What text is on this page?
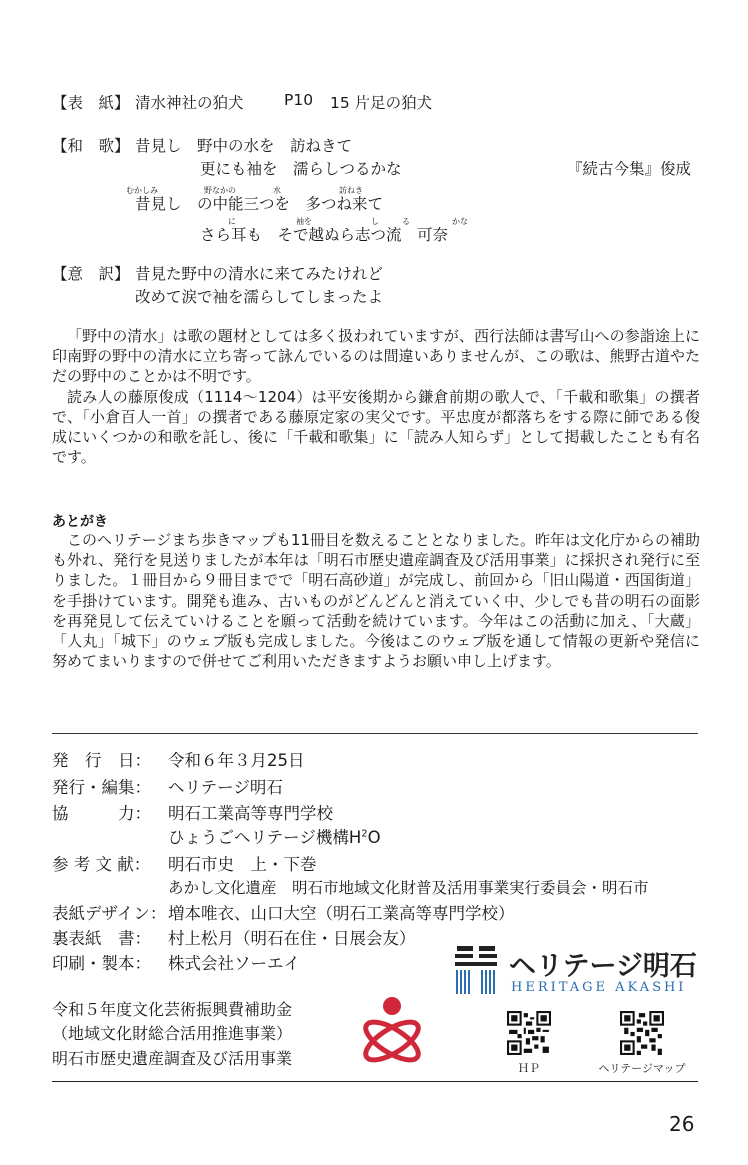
【表　紙】 清水神社の狛犬	P10 15 片足の狛犬
【和　歌】 昔見し　野中の水を　訪ねきて
更にも袖を　濡らしつるかな	『続古今集』俊成
むかしみ	野なかの	水	訪ねき
昔見し　の中能三つを　多つね来て
に	袖を	し	る	かな
さら耳も　そで越ぬら志つ流　可奈
【意　訳】 昔見た野中の清水に来てみたけれど
改めて涙で袖を濡らしてしまったよ

「野中の清水」は歌の題材としては多く扱われていますが、西行法師は書写山への参詣途上に印南野の野中の清水に立ち寄って詠んでいるのは間違いありませんが、この歌は、熊野古道やただの野中のことかは不明です。

読み人の藤原俊成（1114～1204）は平安後期から鎌倉前期の歌人で、「千載和歌集」の撰者で、「小倉百人一首」の撰者である藤原定家の実父です。平忠度が都落ちをする際に師である俊成にいくつかの和歌を託し、後に「千載和歌集」に「読み人知らず」として掲載したことも有名です。

あとがき

このヘリテージまち歩きマップも11冊目を数えることとなりました。昨年は文化庁からの補助も外れ、発行を見送りましたが本年は「明石市歴史遺産調査及び活用事業」に採択され発行に至りました。１冊目から９冊目までで「明石高砂道」が完成し、前回から「旧山陽道・西国街道」を手掛けています。開発も進み、古いものがどんどんと消えていく中、少しでも昔の明石の面影を再発見して伝えていけることを願って活動を続けています。今年はこの活動に加え、「大蔵」「人丸」「城下」のウェブ版も完成しました。今後はこのウェブ版を通して情報の更新や発信に努めてまいりますので併せてご利用いただきますようお願い申し上げます。

発　行　日： 令和６年３月25日
発行・編集： ヘリテージ明石
協　　　力： 明石工業高等専門学校
ひょうごヘリテージ機構$H^2O$
参 考 文 献： 明石市史　上・下巻
あかし文化遺産　明石市地域文化財普及活用事業実行委員会・明石市
表紙デザイン：増本唯衣、山口大空（明石工業高等専門学校）
裏表紙　書： 村上松月（明石在住・日展会友）
印刷・製本： 株式会社ソーエイ	ヘリテージ明石
HERITAGE AKASHI
令和５年度文化芸術振興費補助金
（地域文化財総合活用推進事業）
明石市歴史遺産調査及び活用事業
ＨＰ	ヘリテージマップ
26
